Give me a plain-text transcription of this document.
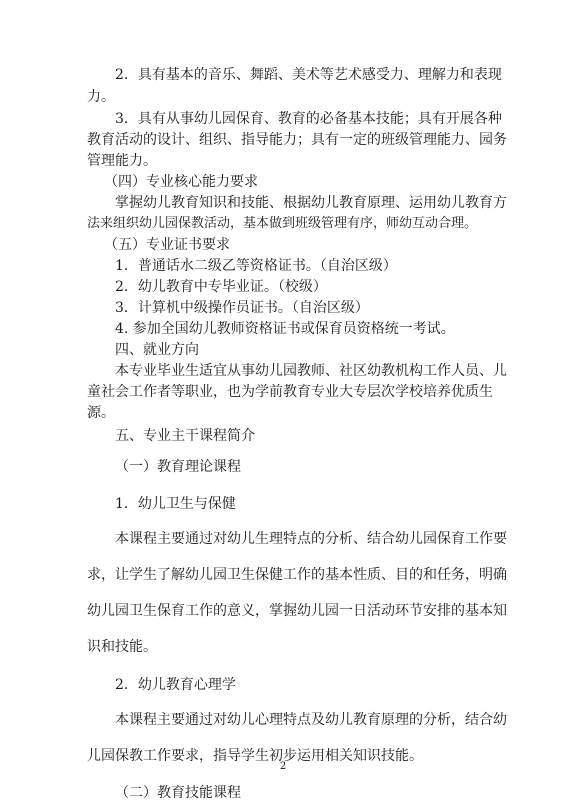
2．具有基本的音乐、舞蹈、美术等艺术感受力、理解力和表现

力。

3．具有从事幼儿园保育、教育的必备基本技能；具有开展各种

教育活动的设计、组织、指导能力；具有一定的班级管理能力、园务

管理能力。

（四）专业核心能力要求

掌握幼儿教育知识和技能、根据幼儿教育原理、运用幼儿教育方

法来组织幼儿园保教活动，基本做到班级管理有序，师幼互动合理。

（五）专业证书要求

1．普通话水二级乙等资格证书。（自治区级）

2．幼儿教育中专毕业证。（校级）

3．计算机中级操作员证书。（自治区级）

4. 参加全国幼儿教师资格证书或保育员资格统一考试。

四、就业方向

本专业毕业生适宜从事幼儿园教师、社区幼教机构工作人员、儿

童社会工作者等职业，也为学前教育专业大专层次学校培养优质生

源。

五、专业主干课程简介

（一）教育理论课程

1．幼儿卫生与保健

本课程主要通过对幼儿生理特点的分析、结合幼儿园保育工作要

求，让学生了解幼儿园卫生保健工作的基本性质、目的和任务，明确

幼儿园卫生保育工作的意义，掌握幼儿园一日活动环节安排的基本知

识和技能。

2．幼儿教育心理学

本课程主要通过对幼儿心理特点及幼儿教育原理的分析，结合幼

儿园保教工作要求，指导学生初步运用相关知识技能。

（二）教育技能课程

2
